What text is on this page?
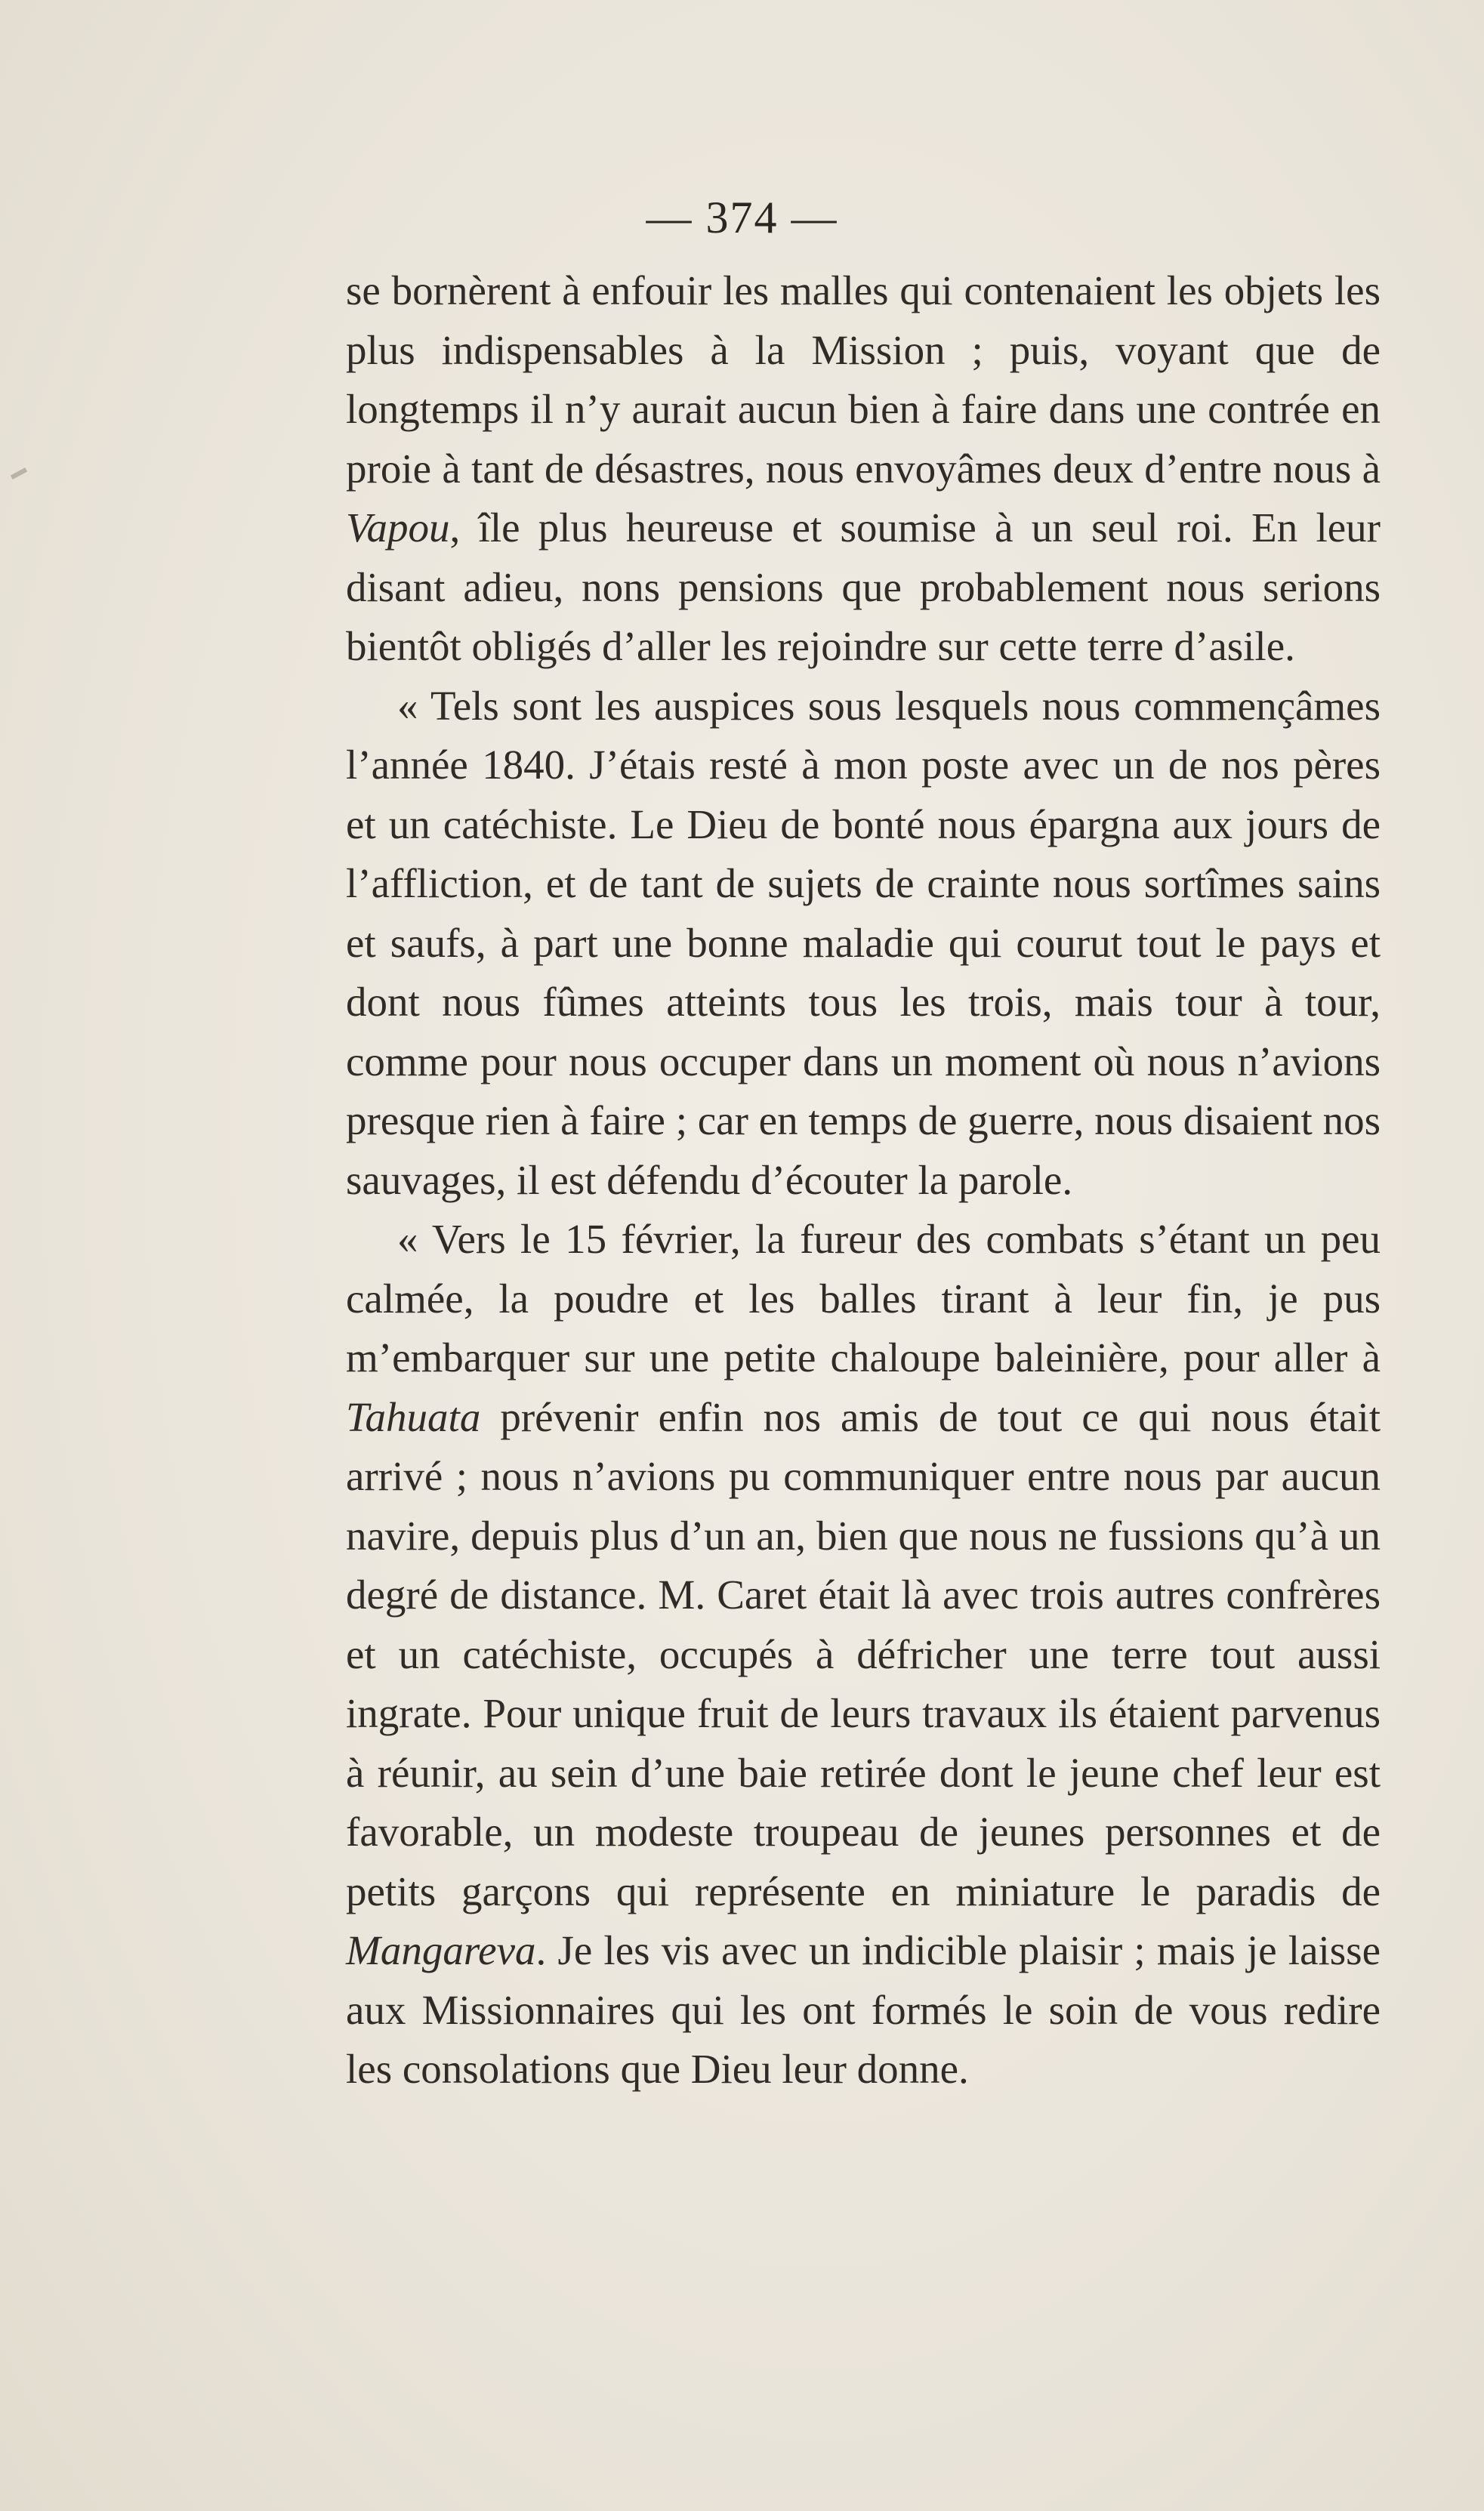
— 374 —

se bornèrent à enfouir les malles qui contenaient les objets les plus indispensables à la Mission ; puis, voyant que de longtemps il n’y aurait aucun bien à faire dans une contrée en proie à tant de désastres, nous envoyâmes deux d’entre nous à Vapou, île plus heureuse et soumise à un seul roi. En leur disant adieu, nons pensions que probablement nous serions bientôt obligés d’aller les rejoindre sur cette terre d’asile.

« Tels sont les auspices sous lesquels nous commençâmes l’année 1840. J’étais resté à mon poste avec un de nos pères et un catéchiste. Le Dieu de bonté nous épargna aux jours de l’affliction, et de tant de sujets de crainte nous sortîmes sains et saufs, à part une bonne maladie qui courut tout le pays et dont nous fûmes atteints tous les trois, mais tour à tour, comme pour nous occuper dans un moment où nous n’avions presque rien à faire ; car en temps de guerre, nous disaient nos sauvages, il est défendu d’écouter la parole.

« Vers le 15 février, la fureur des combats s’étant un peu calmée, la poudre et les balles tirant à leur fin, je pus m’embarquer sur une petite chaloupe baleinière, pour aller à Tahuata prévenir enfin nos amis de tout ce qui nous était arrivé ; nous n’avions pu communiquer entre nous par aucun navire, depuis plus d’un an, bien que nous ne fussions qu’à un degré de distance. M. Caret était là avec trois autres confrères et un catéchiste, occupés à défricher une terre tout aussi ingrate. Pour unique fruit de leurs travaux ils étaient parvenus à réunir, au sein d’une baie retirée dont le jeune chef leur est favorable, un modeste troupeau de jeunes personnes et de petits garçons qui représente en miniature le paradis de Mangareva. Je les vis avec un indicible plaisir ; mais je laisse aux Missionnaires qui les ont formés le soin de vous redire les consolations que Dieu leur donne.
